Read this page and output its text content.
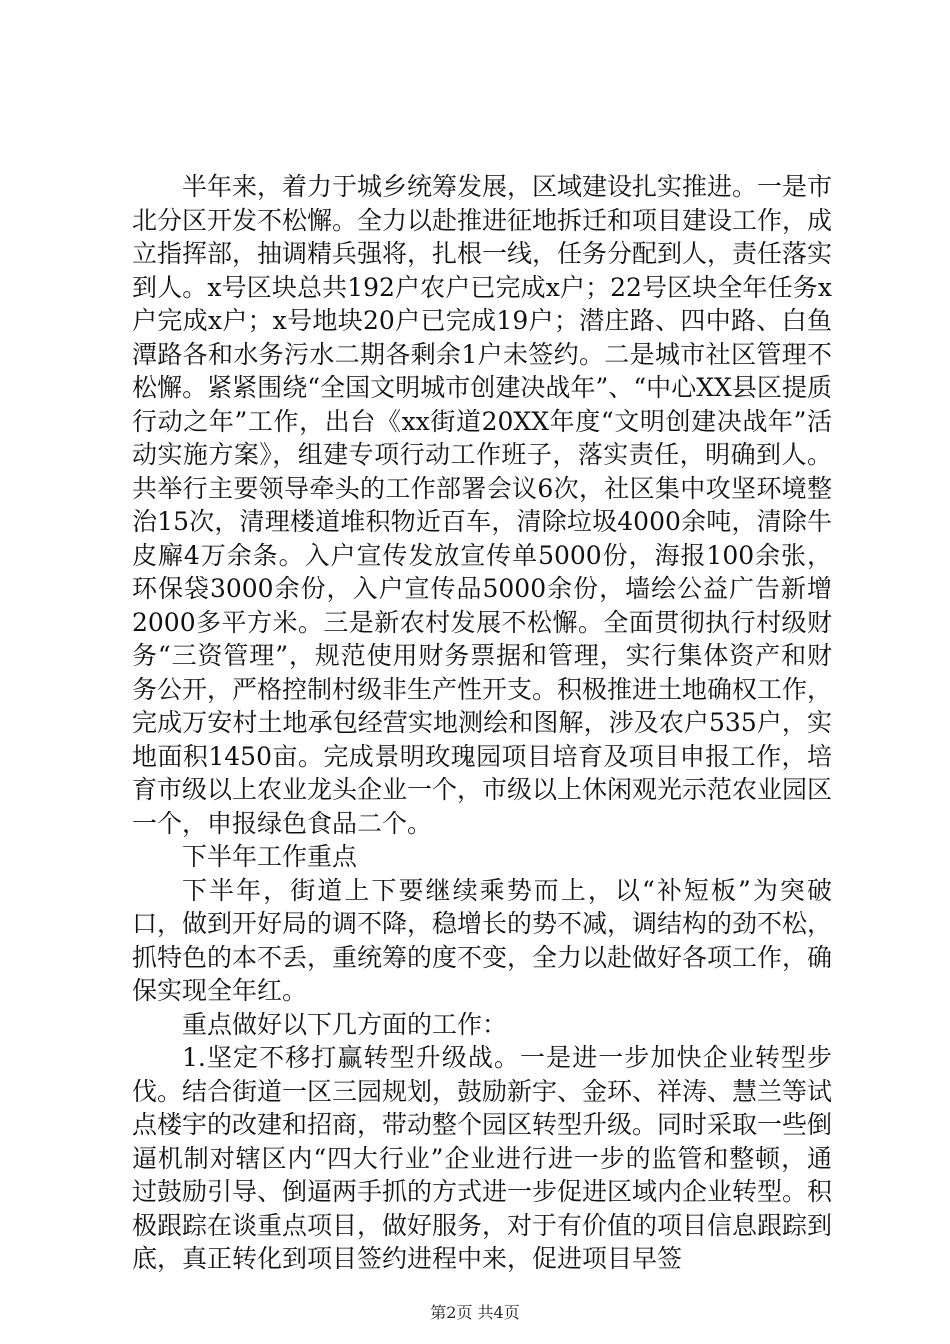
半年来，着力于城乡统筹发展，区域建设扎实推进。一是市北分区开发不松懈。全力以赴推进征地拆迁和项目建设工作，成立指挥部，抽调精兵强将，扎根一线，任务分配到人，责任落实到人。x号区块总共192户农户已完成x户；22号区块全年任务x户完成x户；x号地块20户已完成19户；潜庄路、四中路、白鱼潭路各和水务污水二期各剩余1户未签约。二是城市社区管理不松懈。紧紧围绕“全国文明城市创建决战年”、“中心XX县区提质行动之年”工作，出台《xx街道20XX年度“文明创建决战年”活动实施方案》，组建专项行动工作班子，落实责任，明确到人。共举行主要领导牵头的工作部署会议6次，社区集中攻坚环境整治15次，清理楼道堆积物近百车，清除垃圾4000余吨，清除牛皮廨4万余条。入户宣传发放宣传单5000份，海报100余张，环保袋3000余份，入户宣传品5000余份，墙绘公益广告新增2000多平方米。三是新农村发展不松懈。全面贯彻执行村级财务“三资管理”，规范使用财务票据和管理，实行集体资产和财务公开，严格控制村级非生产性开支。积极推进土地确权工作，完成万安村土地承包经营实地测绘和图解，涉及农户535户，实地面积1450亩。完成景明玫瑰园项目培育及项目申报工作，培育市级以上农业龙头企业一个，市级以上休闲观光示范农业园区一个，申报绿色食品二个。

下半年工作重点

下半年，街道上下要继续乘势而上，以“补短板”为突破口，做到开好局的调不降，稳增长的势不减，调结构的劲不松，抓特色的本不丢，重统筹的度不变，全力以赴做好各项工作，确保实现全年红。

重点做好以下几方面的工作：

1.坚定不移打赢转型升级战。一是进一步加快企业转型步伐。结合街道一区三园规划，鼓励新宇、金环、祥涛、慧兰等试点楼宇的改建和招商，带动整个园区转型升级。同时采取一些倒逼机制对辖区内“四大行业”企业进行进一步的监管和整顿，通过鼓励引导、倒逼两手抓的方式进一步促进区域内企业转型。积极跟踪在谈重点项目，做好服务，对于有价值的项目信息跟踪到底，真正转化到项目签约进程中来，促进项目早签

第2页 共4页
